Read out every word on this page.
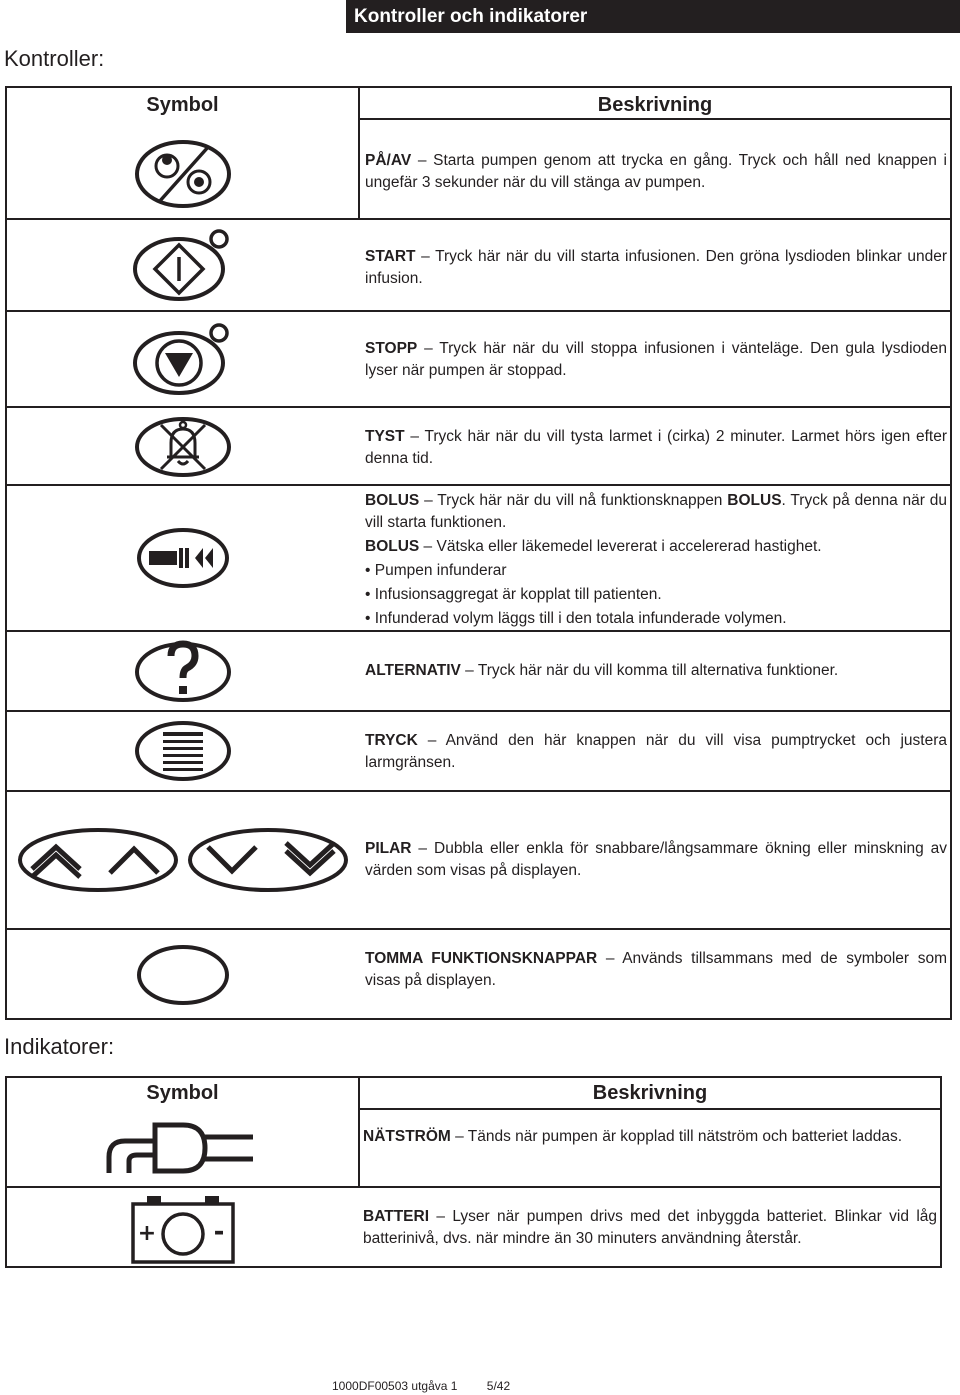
Kontroller och indikatorer
Kontroller:
Symbol	Beskrivning
PÅ/AV – Starta pumpen genom att trycka en gång. Tryck och håll ned knappen i ungefär 3 sekunder när du vill stänga av pumpen.
START – Tryck här när du vill starta infusionen. Den gröna lysdioden blinkar under infusion.
STOPP – Tryck här när du vill stoppa infusionen i vänteläge. Den gula lysdioden lyser när pumpen är stoppad.
TYST – Tryck här när du vill tysta larmet i (cirka) 2 minuter. Larmet hörs igen efter denna tid.
BOLUS – Tryck här när du vill nå funktionsknappen BOLUS. Tryck på denna när du vill starta funktionen.
BOLUS – Vätska eller läkemedel levererat i accelererad hastighet.
• Pumpen infunderar
• Infusionsaggregat är kopplat till patienten.
• Infunderad volym läggs till i den totala infunderade volymen.
ALTERNATIV – Tryck här när du vill komma till alternativa funktioner.
TRYCK – Använd den här knappen när du vill visa pumptrycket och justera larmgränsen.
PILAR – Dubbla eller enkla för snabbare/långsammare ökning eller minskning av värden som visas på displayen.
TOMMA FUNKTIONSKNAPPAR – Används tillsammans med de symboler som visas på displayen.
Indikatorer:
Symbol	Beskrivning
NÄTSTRÖM – Tänds när pumpen är kopplad till nätström och batteriet laddas.
+ -
BATTERI – Lyser när pumpen drivs med det inbyggda batteriet. Blinkar vid låg batterinivå, dvs. när mindre än 30 minuters användning återstår.
1000DF00503 utgåva 1 5/42
